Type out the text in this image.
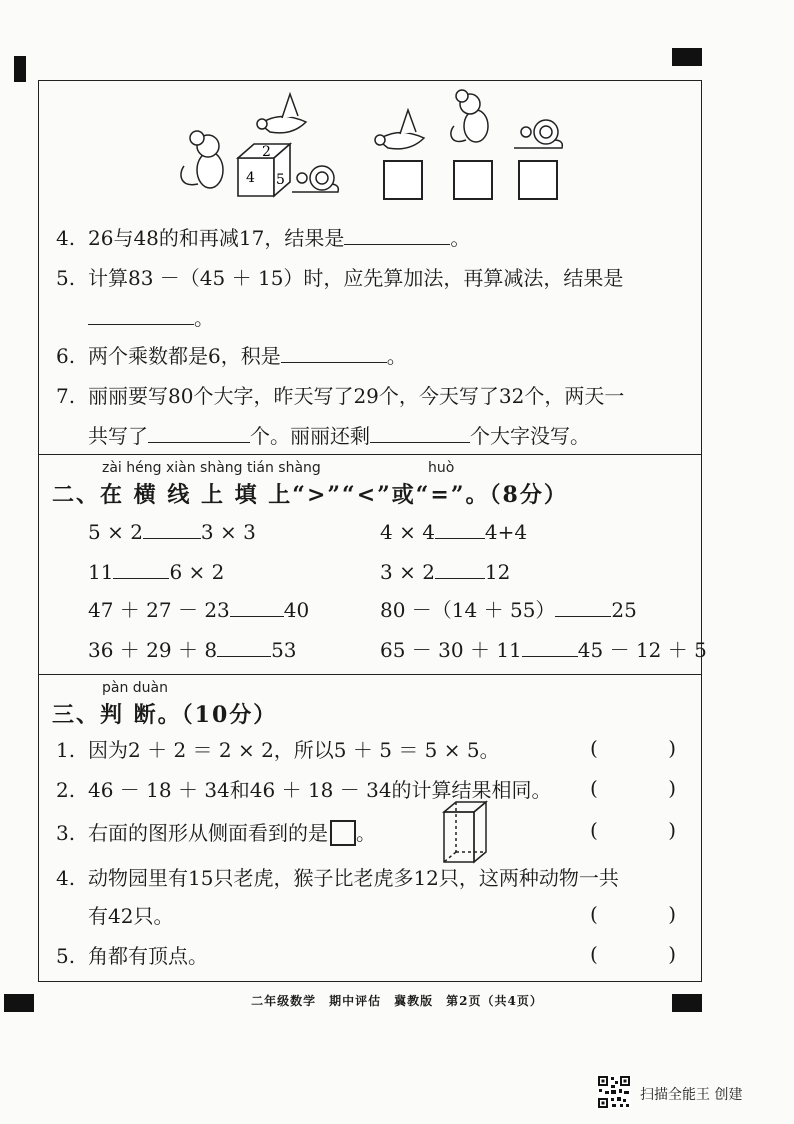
2
4 5
4. 26与48的和再减17，结果是	。
5. 计算83 －（45 ＋ 15）时，应先算加法，再算减法，结果是
。
6. 两个乘数都是6，积是	。
7. 丽丽要写80个大字，昨天写了29个，今天写了32个，两天一
共写了	个。丽丽还剩	个大字没写。
zài héng xiàn shàng tián shàng	huò
二、在 横 线 上 填 上“>”“<”或“=”。（8分）
5 × 2	3 × 3	4 × 4	4+4
11	6 × 2	3 × 2	12
47 ＋ 27 － 23	40	80 －（14 ＋ 55）	25
36 ＋ 29 ＋ 8	53	65 － 30 ＋ 11	45 － 12 ＋ 5
pàn duàn
三、判 断。（10分）
1. 因为2 ＋ 2 ＝ 2 × 2，所以5 ＋ 5 ＝ 5 × 5。	(	)
2. 46 － 18 ＋ 34和46 ＋ 18 － 34的计算结果相同。 (	)
3. 右面的图形从侧面看到的是 。	(	)
4. 动物园里有15只老虎，猴子比老虎多12只，这两种动物一共
有42只。	(	)
5. 角都有顶点。	(	)
二年级数学　期中评估　冀教版　第2页（共4页）
扫描全能王 创建
